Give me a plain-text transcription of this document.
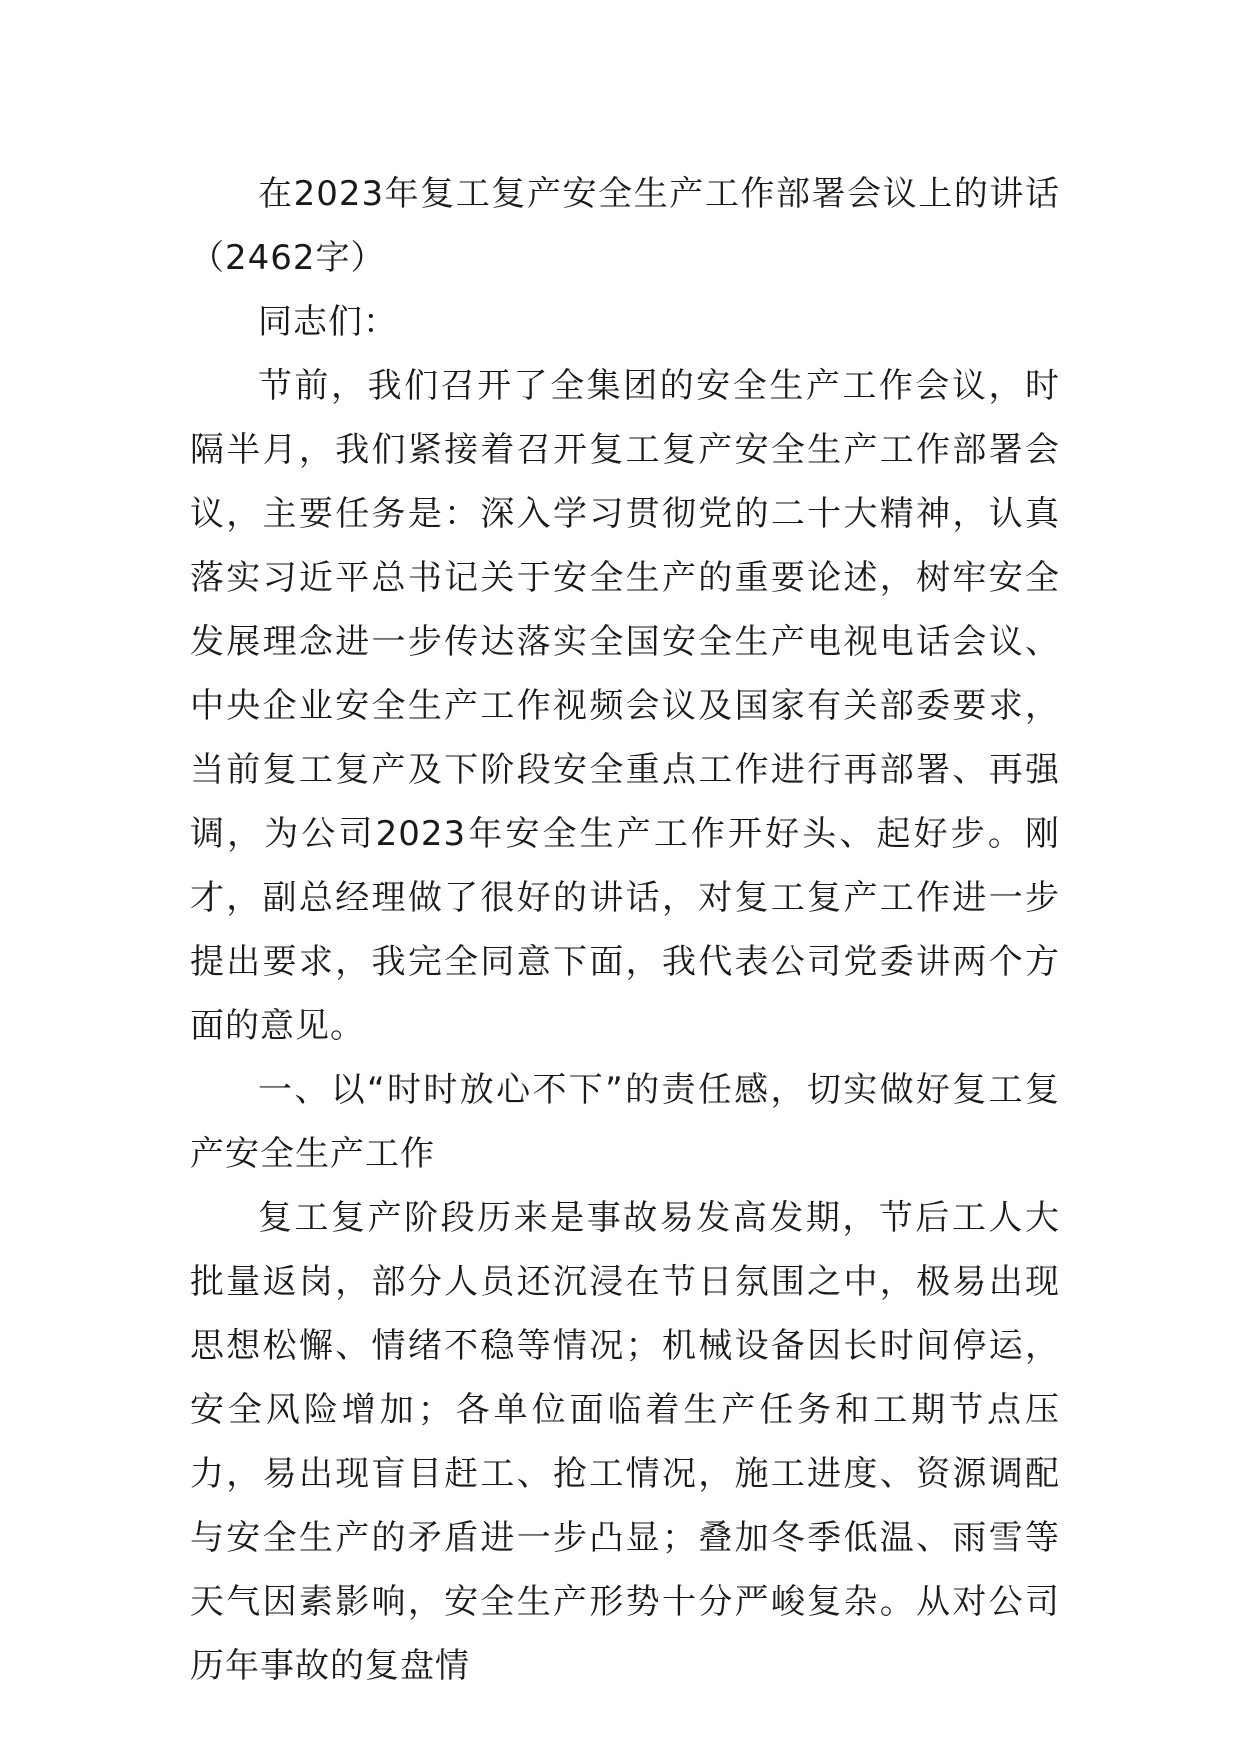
在2023年复工复产安全生产工作部署会议上的讲话（2462字）

同志们：

节前，我们召开了全集团的安全生产工作会议，时隔半月，我们紧接着召开复工复产安全生产工作部署会议，主要任务是：深入学习贯彻党的二十大精神，认真落实习近平总书记关于安全生产的重要论述，树牢安全发展理念进一步传达落实全国安全生产电视电话会议、中央企业安全生产工作视频会议及国家有关部委要求，当前复工复产及下阶段安全重点工作进行再部署、再强调，为公司2023年安全生产工作开好头、起好步。刚才，副总经理做了很好的讲话，对复工复产工作进一步提出要求，我完全同意下面，我代表公司党委讲两个方面的意见。

一、以“时时放心不下”的责任感，切实做好复工复产安全生产工作

复工复产阶段历来是事故易发高发期，节后工人大批量返岗，部分人员还沉浸在节日氛围之中，极易出现思想松懈、情绪不稳等情况；机械设备因长时间停运，安全风险增加；各单位面临着生产任务和工期节点压力，易出现盲目赶工、抢工情况，施工进度、资源调配与安全生产的矛盾进一步凸显；叠加冬季低温、雨雪等天气因素影响，安全生产形势十分严峻复杂。从对公司历年事故的复盘情
